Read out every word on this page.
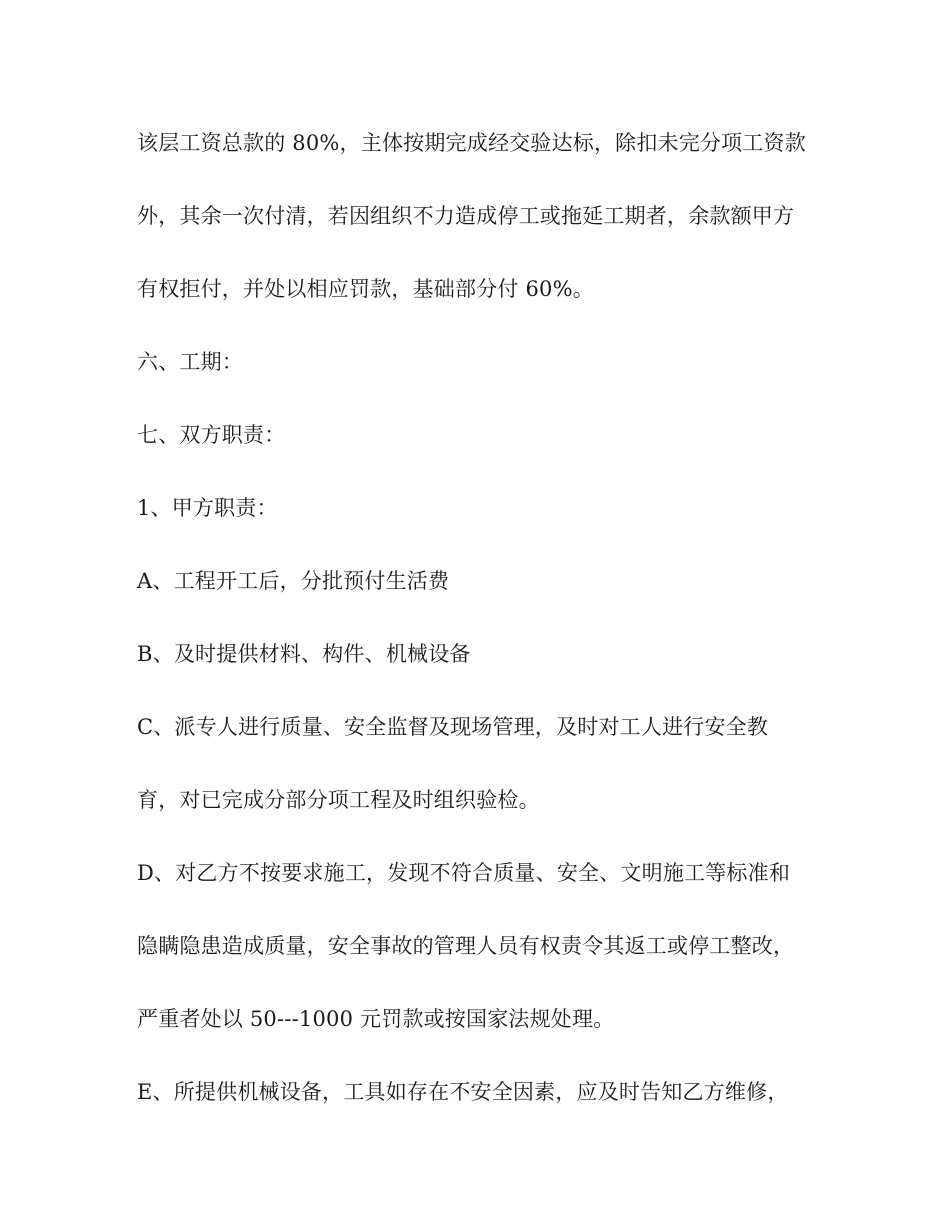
该层工资总款的 80%，主体按期完成经交验达标，除扣未完分项工资款

外，其余一次付清，若因组织不力造成停工或拖延工期者，余款额甲方

有权拒付，并处以相应罚款，基础部分付 60%。

六、工期：

七、双方职责：

1、甲方职责：

A、工程开工后，分批预付生活费

B、及时提供材料、构件、机械设备

C、派专人进行质量、安全监督及现场管理，及时对工人进行安全教

育，对已完成分部分项工程及时组织验检。

D、对乙方不按要求施工，发现不符合质量、安全、文明施工等标准和

隐瞒隐患造成质量，安全事故的管理人员有权责令其返工或停工整改，

严重者处以 50---1000 元罚款或按国家法规处理。

E、所提供机械设备，工具如存在不安全因素，应及时告知乙方维修，
